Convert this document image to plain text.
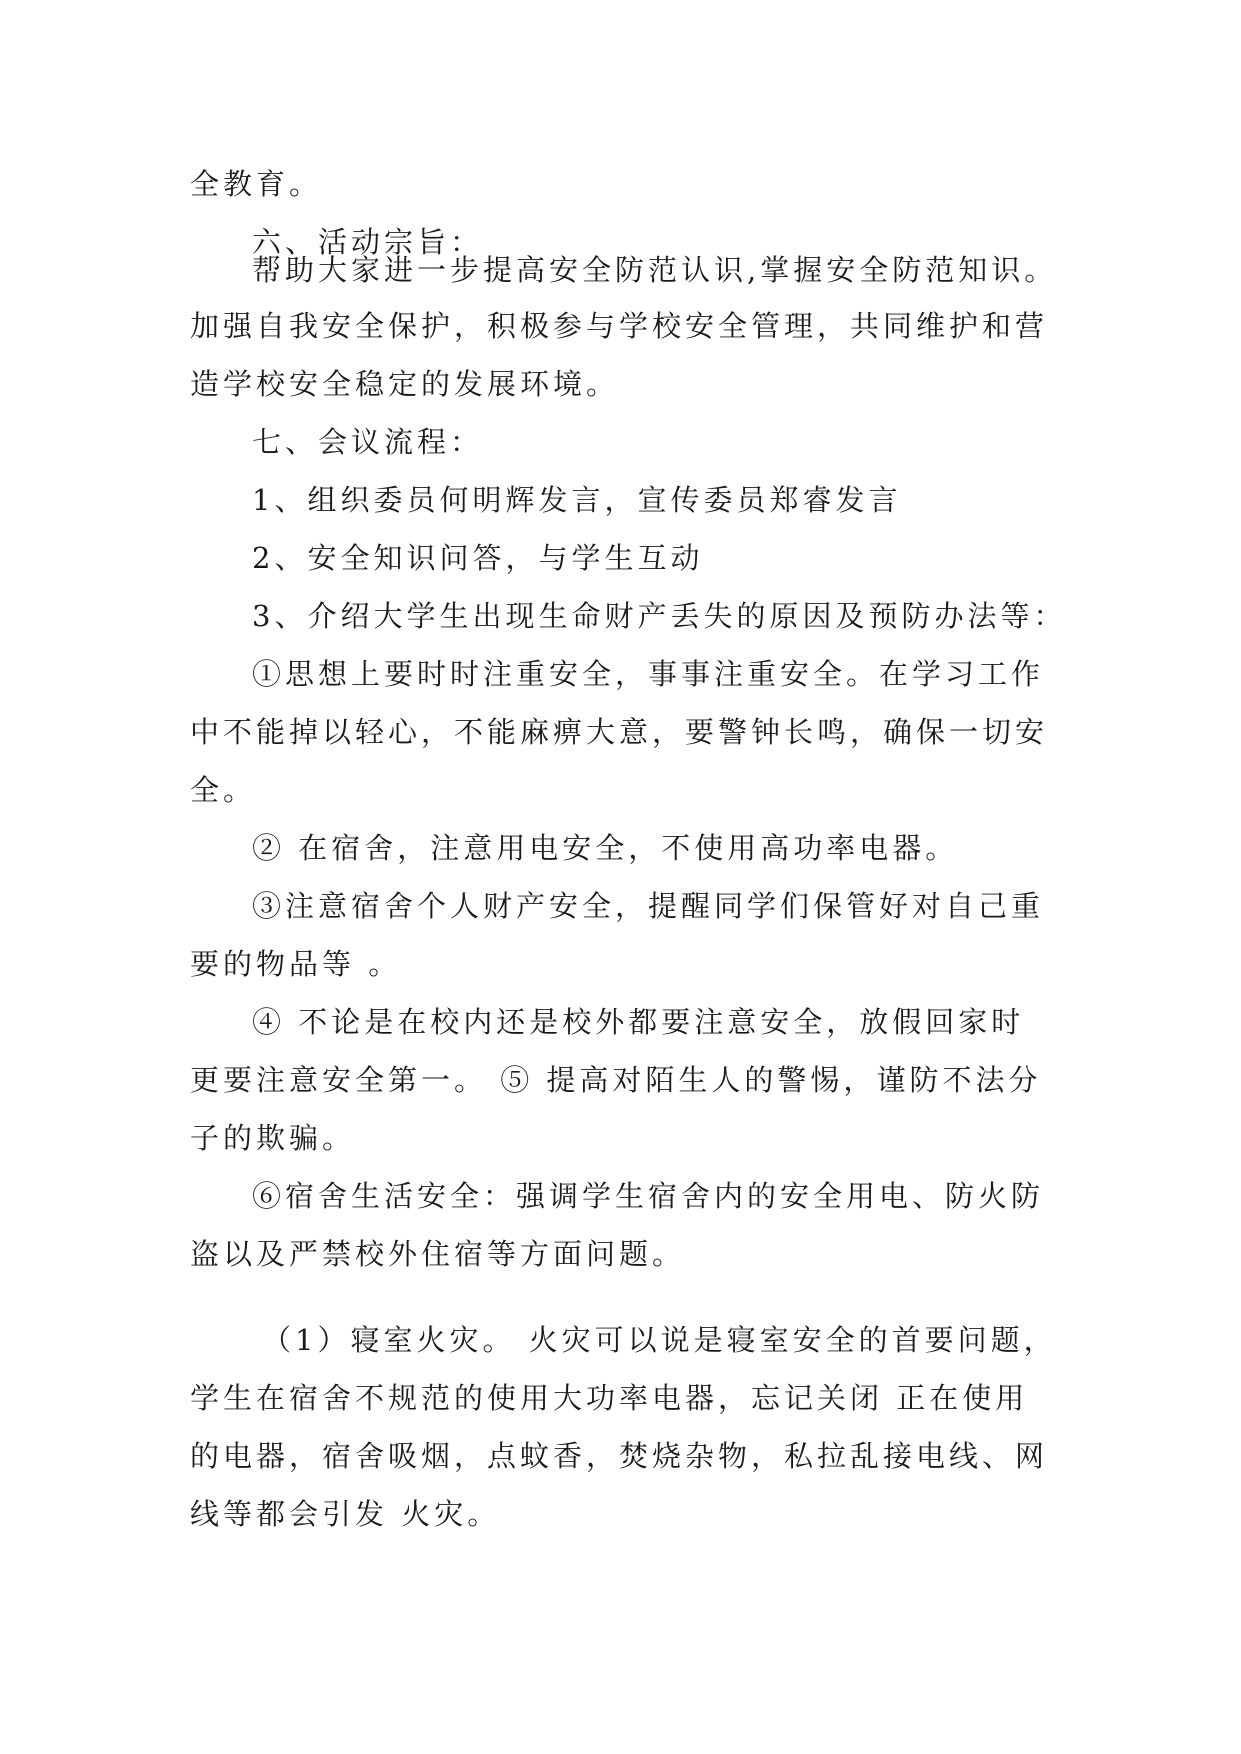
全教育。
六、活动宗旨：
帮助大家进一步提高安全防范认识,掌握安全防范知识。
加强自我安全保护，积极参与学校安全管理，共同维护和营
造学校安全稳定的发展环境。
七、会议流程：
1、组织委员何明辉发言，宣传委员郑睿发言
2、安全知识问答，与学生互动
3、介绍大学生出现生命财产丢失的原因及预防办法等：
①思想上要时时注重安全，事事注重安全。在学习工作
中不能掉以轻心，不能麻痹大意，要警钟长鸣，确保一切安
全。
② 在宿舍，注意用电安全，不使用高功率电器。
③注意宿舍个人财产安全，提醒同学们保管好对自己重
要的物品等 。
④ 不论是在校内还是校外都要注意安全，放假回家时
更要注意安全第一。 ⑤ 提高对陌生人的警惕，谨防不法分
子的欺骗。
⑥宿舍生活安全：强调学生宿舍内的安全用电、防火防
盗以及严禁校外住宿等方面问题。
（1）寝室火灾。 火灾可以说是寝室安全的首要问题，
学生在宿舍不规范的使用大功率电器，忘记关闭 正在使用
的电器，宿舍吸烟，点蚊香，焚烧杂物，私拉乱接电线、网
线等都会引发 火灾。
